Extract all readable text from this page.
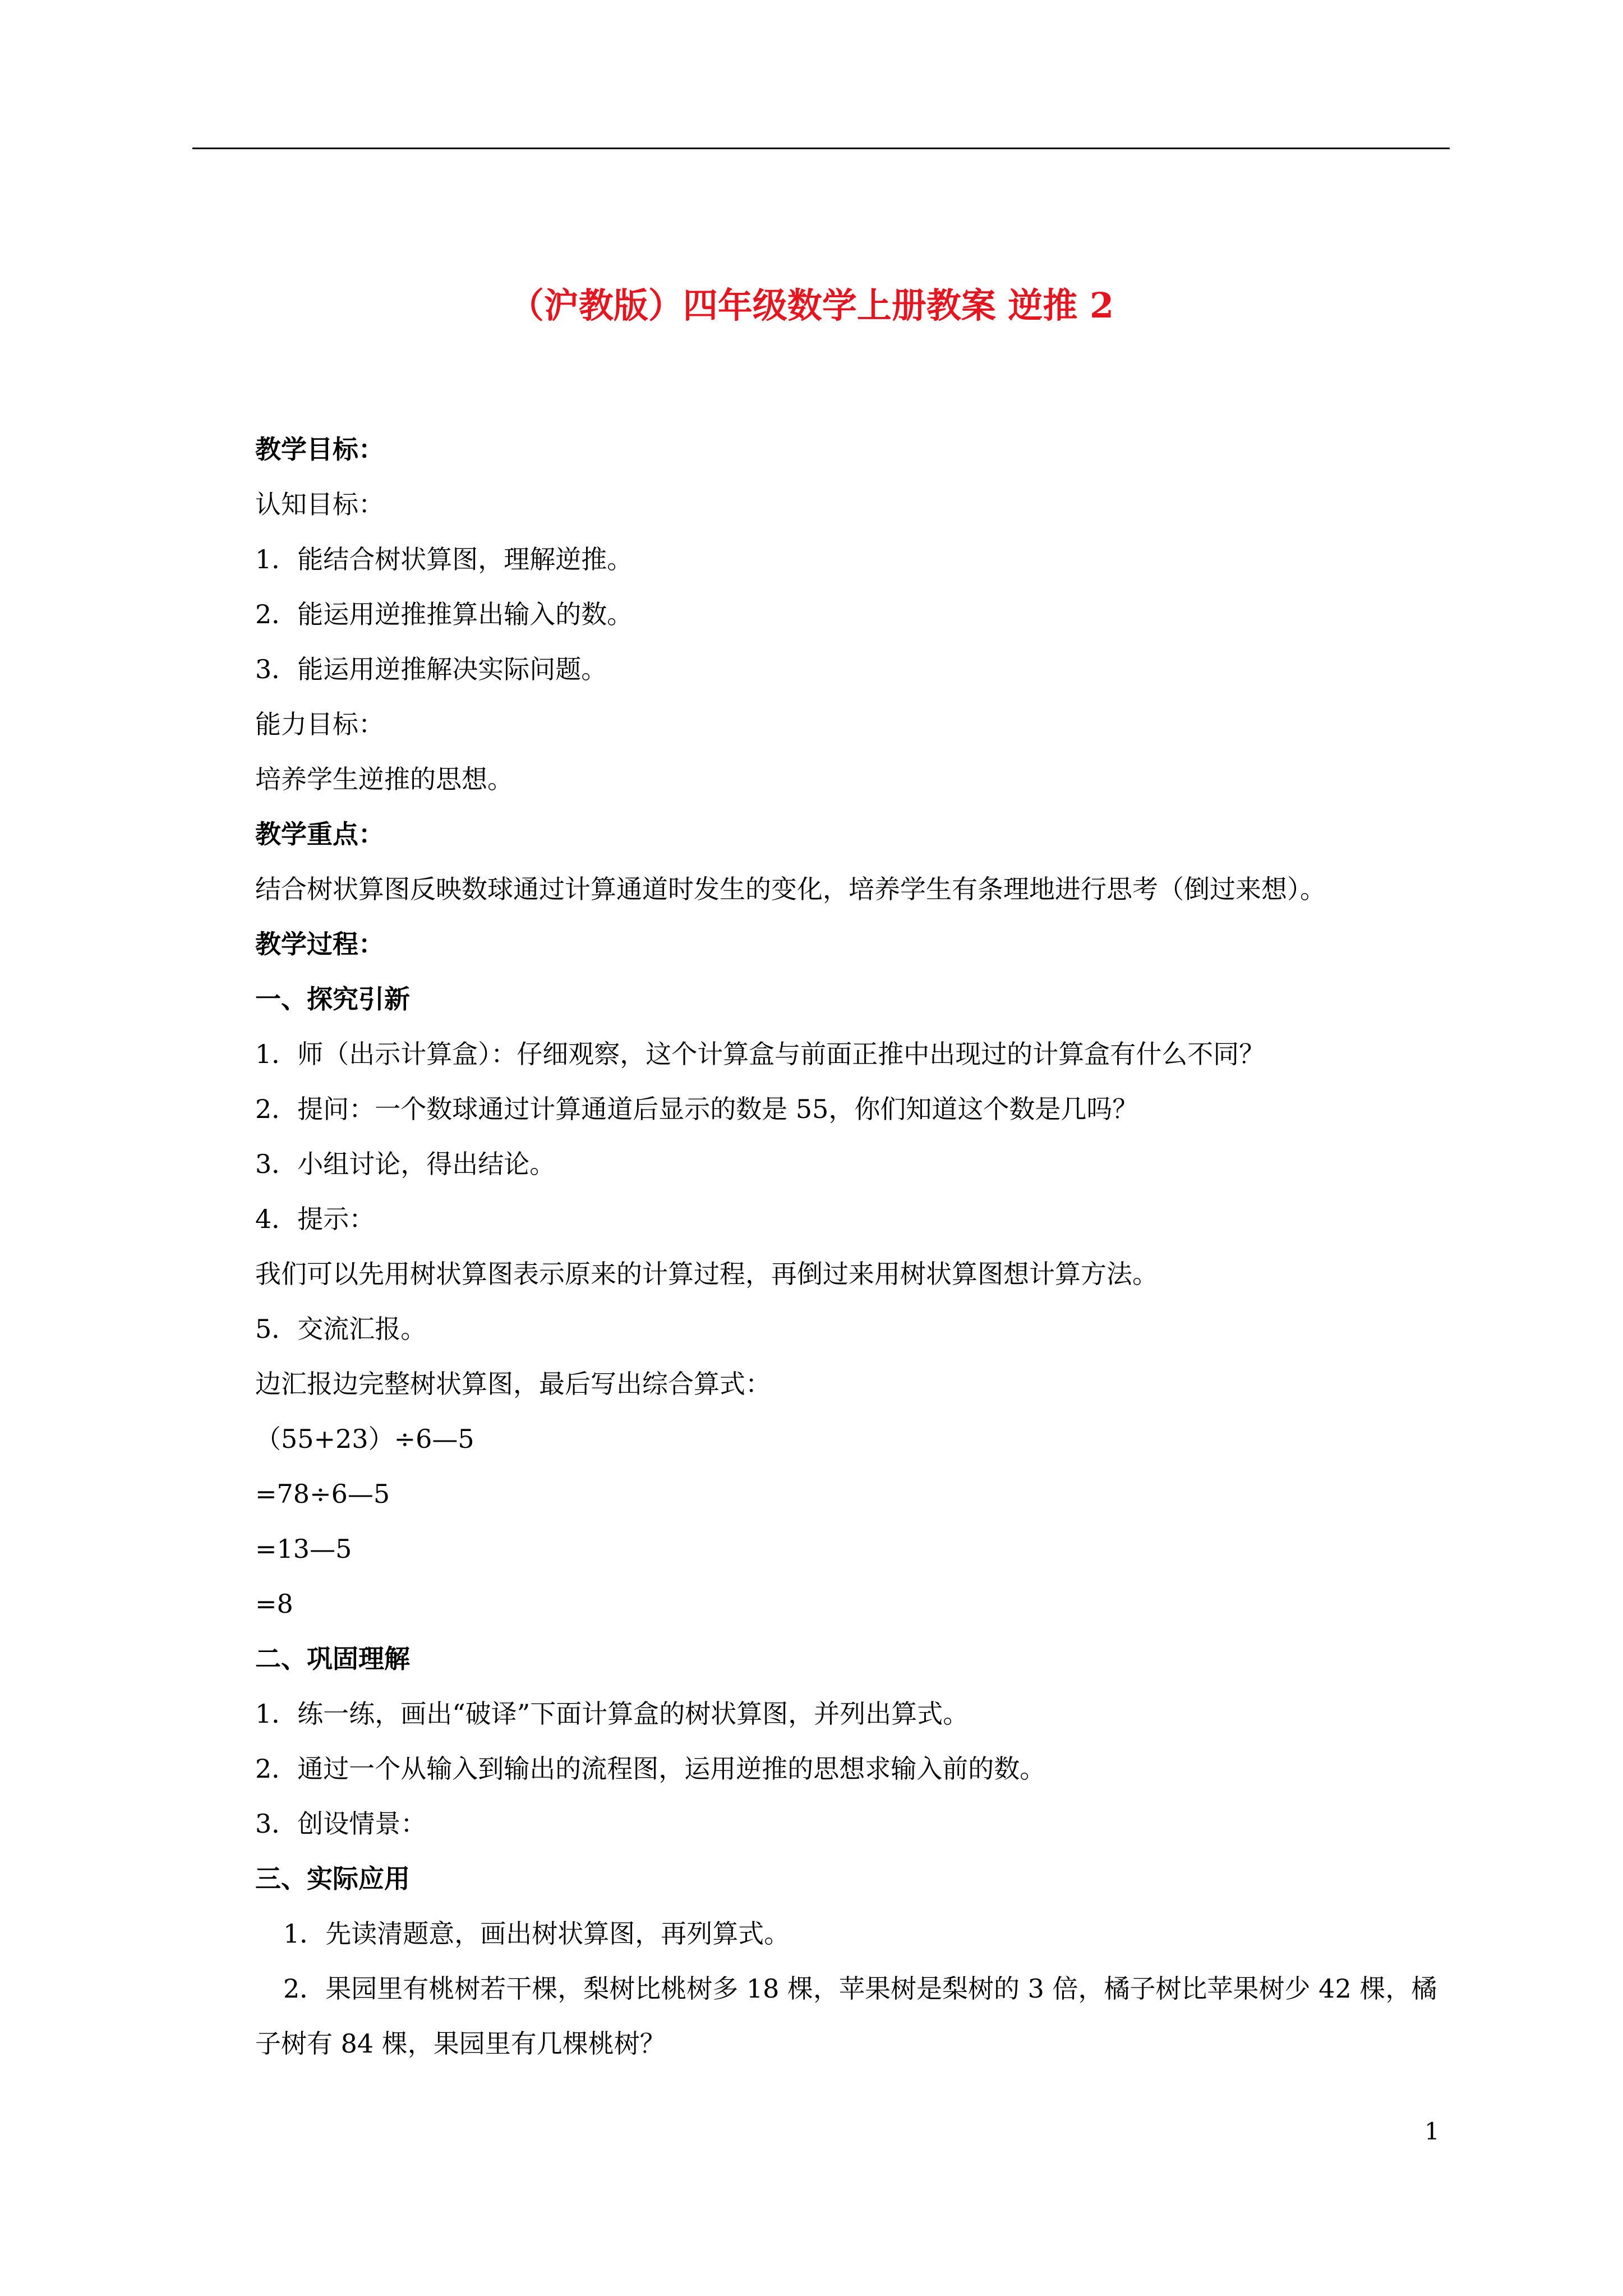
（沪教版）四年级数学上册教案 逆推 2
教学目标：
认知目标：
1．能结合树状算图，理解逆推。
2．能运用逆推推算出输入的数。
3．能运用逆推解决实际问题。
能力目标：
培养学生逆推的思想。
教学重点：
结合树状算图反映数球通过计算通道时发生的变化，培养学生有条理地进行思考（倒过来想）。
教学过程：
一、探究引新
1．师（出示计算盒）：仔细观察，这个计算盒与前面正推中出现过的计算盒有什么不同？
2．提问：一个数球通过计算通道后显示的数是 55，你们知道这个数是几吗？
3．小组讨论，得出结论。
4．提示：
我们可以先用树状算图表示原来的计算过程，再倒过来用树状算图想计算方法。
5．交流汇报。
边汇报边完整树状算图，最后写出综合算式：
（55+23）÷6—5
=78÷6—5
=13—5
=8
二、巩固理解
1．练一练，画出“破译”下面计算盒的树状算图，并列出算式。
2．通过一个从输入到输出的流程图，运用逆推的思想求输入前的数。
3．创设情景：
三、实际应用
1．先读清题意，画出树状算图，再列算式。
2．果园里有桃树若干棵，梨树比桃树多 18 棵，苹果树是梨树的 3 倍，橘子树比苹果树少 42 棵，橘子树有 84 棵，果园里有几棵桃树？
1
